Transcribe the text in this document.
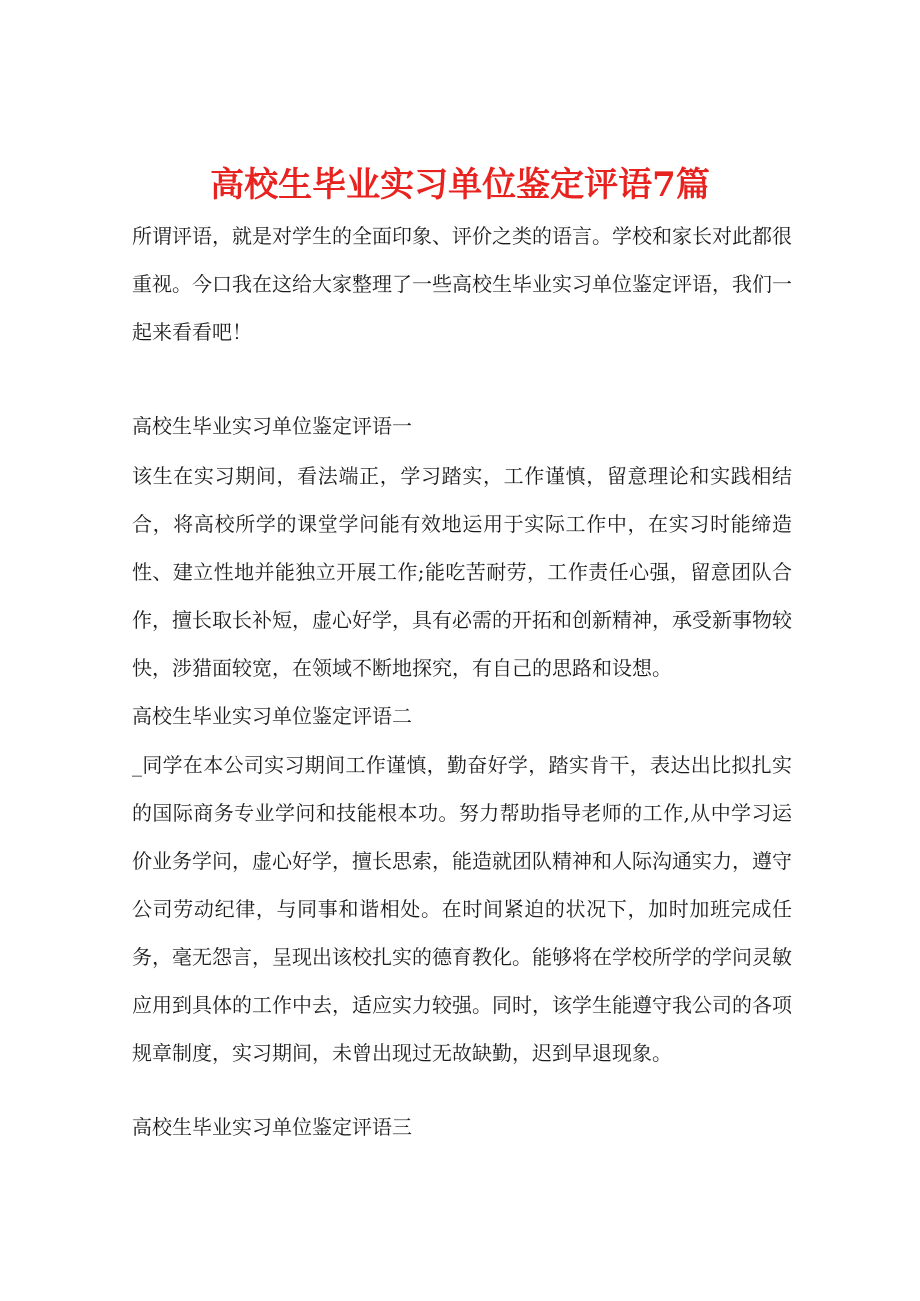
高校生毕业实习单位鉴定评语7篇

所谓评语，就是对学生的全面印象、评价之类的语言。学校和家长对此都很重视。今口我在这给大家整理了一些高校生毕业实习单位鉴定评语，我们一起来看看吧！

高校生毕业实习单位鉴定评语一

该生在实习期间，看法端正，学习踏实，工作谨慎，留意理论和实践相结合，将高校所学的课堂学问能有效地运用于实际工作中，在实习时能缔造性、建立性地并能独立开展工作;能吃苦耐劳，工作责任心强，留意团队合作，擅长取长补短，虚心好学，具有必需的开拓和创新精神，承受新事物较快，涉猎面较宽，在领域不断地探究，有自己的思路和设想。

高校生毕业实习单位鉴定评语二

_同学在本公司实习期间工作谨慎，勤奋好学，踏实肯干，表达出比拟扎实的国际商务专业学问和技能根本功。努力帮助指导老师的工作,从中学习运价业务学问，虚心好学，擅长思索，能造就团队精神和人际沟通实力，遵守公司劳动纪律，与同事和谐相处。在时间紧迫的状况下，加时加班完成任务，毫无怨言，呈现出该校扎实的德育教化。能够将在学校所学的学问灵敏应用到具体的工作中去，适应实力较强。同时，该学生能遵守我公司的各项规章制度，实习期间，未曾出现过无故缺勤，迟到早退现象。

高校生毕业实习单位鉴定评语三
